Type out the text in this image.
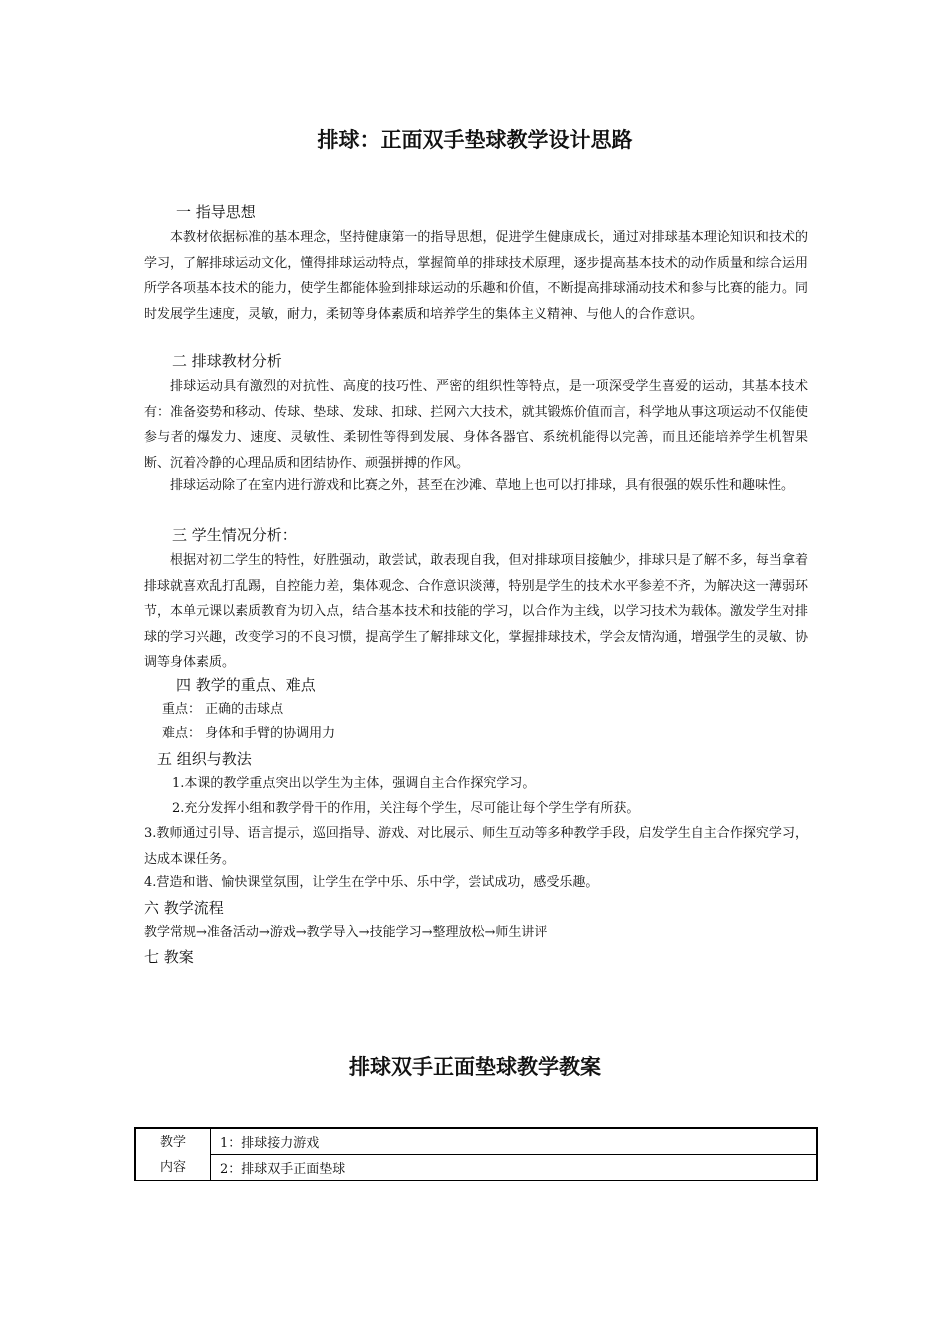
排球：正面双手垫球教学设计思路
一 指导思想
本教材依据标准的基本理念，坚持健康第一的指导思想，促进学生健康成长，通过对排球基本理论知识和技术的学习，了解排球运动文化，懂得排球运动特点，掌握简单的排球技术原理，逐步提高基本技术的动作质量和综合运用所学各项基本技术的能力，使学生都能体验到排球运动的乐趣和价值，不断提高排球涌动技术和参与比赛的能力。同时发展学生速度，灵敏，耐力，柔韧等身体素质和培养学生的集体主义精神、与他人的合作意识。
二 排球教材分析
排球运动具有激烈的对抗性、高度的技巧性、严密的组织性等特点，是一项深受学生喜爱的运动，其基本技术有：准备姿势和移动、传球、垫球、发球、扣球、拦网六大技术，就其锻炼价值而言，科学地从事这项运动不仅能使参与者的爆发力、速度、灵敏性、柔韧性等得到发展、身体各器官、系统机能得以完善，而且还能培养学生机智果断、沉着冷静的心理品质和团结协作、顽强拼搏的作风。
排球运动除了在室内进行游戏和比赛之外，甚至在沙滩、草地上也可以打排球，具有很强的娱乐性和趣味性。
三 学生情况分析：
根据对初二学生的特性，好胜强动，敢尝试，敢表现自我，但对排球项目接触少，排球只是了解不多，每当拿着排球就喜欢乱打乱踢，自控能力差，集体观念、合作意识淡薄，特别是学生的技术水平参差不齐，为解决这一薄弱环节，本单元课以素质教育为切入点，结合基本技术和技能的学习，以合作为主线，以学习技术为载体。激发学生对排球的学习兴趣，改变学习的不良习惯，提高学生了解排球文化，掌握排球技术，学会友情沟通，增强学生的灵敏、协调等身体素质。
四 教学的重点、难点
重点： 正确的击球点
难点： 身体和手臂的协调用力
五 组织与教法
1.本课的教学重点突出以学生为主体，强调自主合作探究学习。
2.充分发挥小组和教学骨干的作用，关注每个学生，尽可能让每个学生学有所获。
3.教师通过引导、语言提示，巡回指导、游戏、对比展示、师生互动等多种教学手段，启发学生自主合作探究学习，达成本课任务。
4.营造和谐、愉快课堂氛围，让学生在学中乐、乐中学，尝试成功，感受乐趣。
六 教学流程
教学常规→准备活动→游戏→教学导入→技能学习→整理放松→师生讲评
七 教案
排球双手正面垫球教学教案
教学
内容
	1：排球接力游戏
2：排球双手正面垫球
